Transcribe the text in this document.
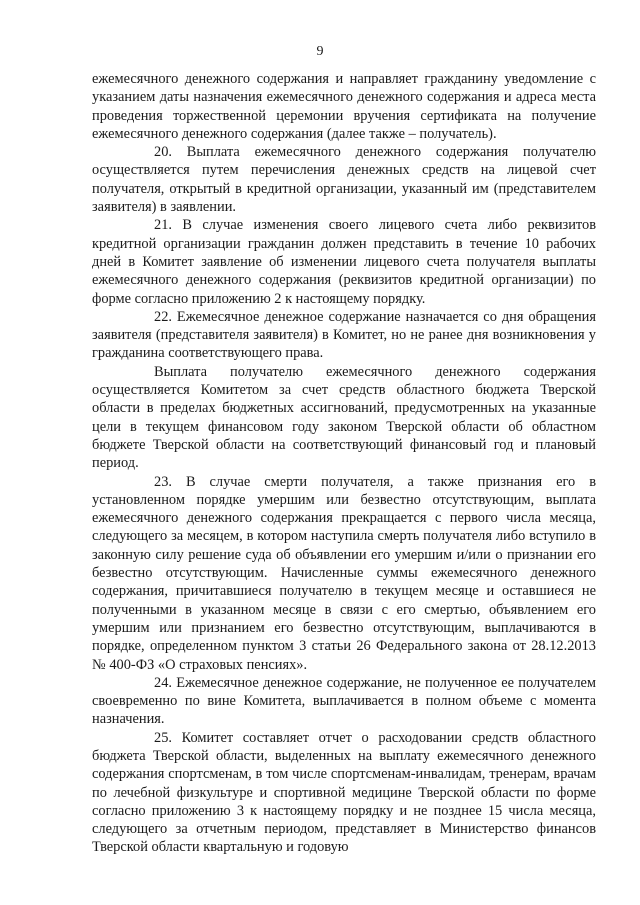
9

ежемесячного денежного содержания и направляет гражданину уведомление с указанием даты назначения ежемесячного денежного содержания и адреса места проведения торжественной церемонии вручения сертификата на получение ежемесячного денежного содержания (далее также – получатель).

20. Выплата ежемесячного денежного содержания получателю осуществляется путем перечисления денежных средств на лицевой счет получателя, открытый в кредитной организации, указанный им (представителем заявителя) в заявлении.

21. В случае изменения своего лицевого счета либо реквизитов кредитной организации гражданин должен представить в течение 10 рабочих дней в Комитет заявление об изменении лицевого счета получателя выплаты ежемесячного денежного содержания (реквизитов кредитной организации) по форме согласно приложению 2 к настоящему порядку.

22. Ежемесячное денежное содержание назначается со дня обращения заявителя (представителя заявителя) в Комитет, но не ранее дня возникновения у гражданина соответствующего права.

Выплата получателю ежемесячного денежного содержания осуществляется Комитетом за счет средств областного бюджета Тверской области в пределах бюджетных ассигнований, предусмотренных на указанные цели в текущем финансовом году законом Тверской области об областном бюджете Тверской области на соответствующий финансовый год и плановый период.

23. В случае смерти получателя, а также признания его в установленном порядке умершим или безвестно отсутствующим, выплата ежемесячного денежного содержания прекращается с первого числа месяца, следующего за месяцем, в котором наступила смерть получателя либо вступило в законную силу решение суда об объявлении его умершим и/или о признании его безвестно отсутствующим. Начисленные суммы ежемесячного денежного содержания, причитавшиеся получателю в текущем месяце и оставшиеся не полученными в указанном месяце в связи с его смертью, объявлением его умершим или признанием его безвестно отсутствующим, выплачиваются в порядке, определенном пунктом 3 статьи 26 Федерального закона от 28.12.2013 № 400-ФЗ «О страховых пенсиях».

24. Ежемесячное денежное содержание, не полученное ее получателем своевременно по вине Комитета, выплачивается в полном объеме с момента назначения.

25. Комитет составляет отчет о расходовании средств областного бюджета Тверской области, выделенных на выплату ежемесячного денежного содержания спортсменам, в том числе спортсменам-инвалидам, тренерам, врачам по лечебной физкультуре и спортивной медицине Тверской области по форме согласно приложению 3 к настоящему порядку и не позднее 15 числа месяца, следующего за отчетным периодом, представляет в Министерство финансов Тверской области квартальную и годовую
